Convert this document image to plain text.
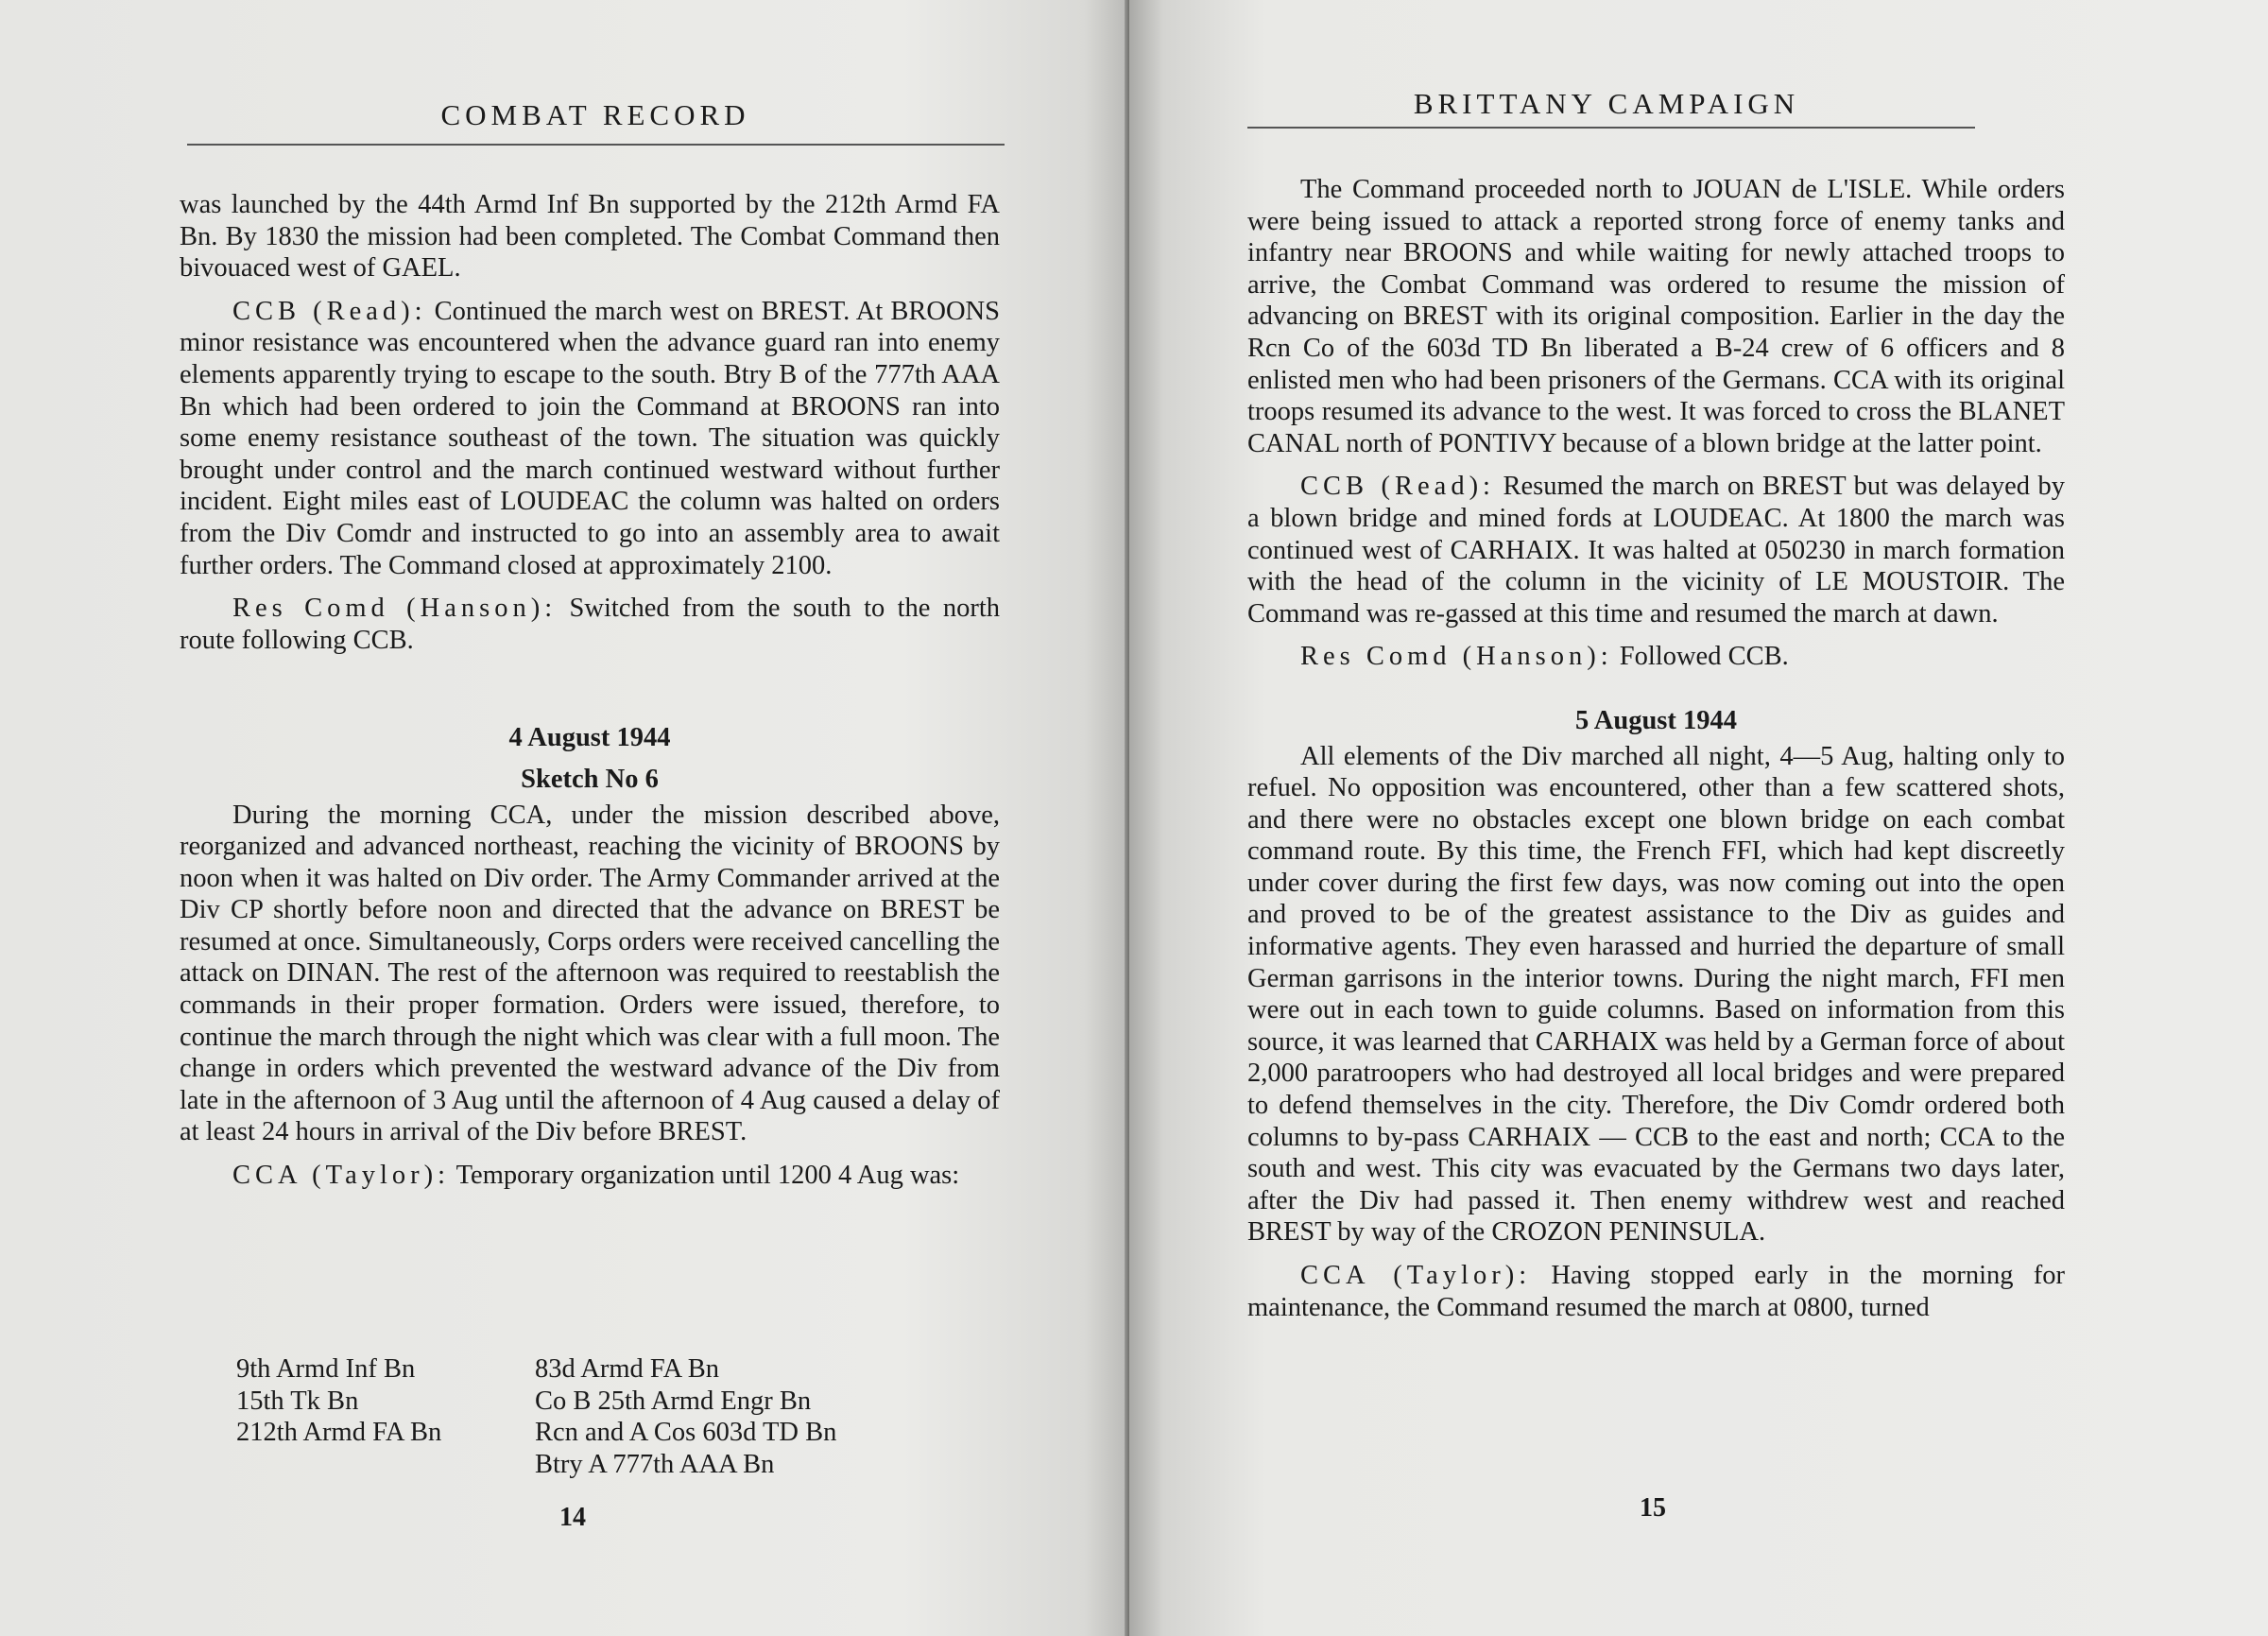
COMBAT RECORD

was launched by the 44th Armd Inf Bn supported by the 212th Armd FA Bn. By 1830 the mission had been completed. The Combat Command then bivouaced west of GAEL.

CCB (Read): Continued the march west on BREST. At BROONS minor resistance was encountered when the advance guard ran into enemy elements apparently trying to escape to the south. Btry B of the 777th AAA Bn which had been ordered to join the Command at BROONS ran into some enemy resistance southeast of the town. The situation was quickly brought under control and the march continued westward without further incident. Eight miles east of LOUDEAC the column was halted on orders from the Div Comdr and instructed to go into an assembly area to await further orders. The Command closed at approximately 2100.

Res Comd (Hanson): Switched from the south to the north route following CCB.

4 August 1944

Sketch No 6

During the morning CCA, under the mission described above, reorganized and advanced northeast, reaching the vicinity of BROONS by noon when it was halted on Div order. The Army Commander arrived at the Div CP shortly before noon and directed that the advance on BREST be resumed at once. Simultaneously, Corps orders were received cancelling the attack on DINAN. The rest of the afternoon was required to reestablish the commands in their proper formation. Orders were issued, therefore, to continue the march through the night which was clear with a full moon. The change in orders which prevented the westward advance of the Div from late in the afternoon of 3 Aug until the afternoon of 4 Aug caused a delay of at least 24 hours in arrival of the Div before BREST.

CCA (Taylor): Temporary organization until 1200 4 Aug was:

9th Armd Inf Bn
15th Tk Bn
212th Armd FA Bn
83d Armd FA Bn
Co B 25th Armd Engr Bn
Rcn and A Cos 603d TD Bn
Btry A 777th AAA Bn
14
BRITTANY CAMPAIGN

The Command proceeded north to JOUAN de L'ISLE. While orders were being issued to attack a reported strong force of enemy tanks and infantry near BROONS and while waiting for newly attached troops to arrive, the Combat Command was ordered to resume the mission of advancing on BREST with its original composition. Earlier in the day the Rcn Co of the 603d TD Bn liberated a B-24 crew of 6 officers and 8 enlisted men who had been prisoners of the Germans. CCA with its original troops resumed its advance to the west. It was forced to cross the BLANET CANAL north of PONTIVY because of a blown bridge at the latter point.

CCB (Read): Resumed the march on BREST but was delayed by a blown bridge and mined fords at LOUDEAC. At 1800 the march was continued west of CARHAIX. It was halted at 050230 in march formation with the head of the column in the vicinity of LE MOUSTOIR. The Command was re-gassed at this time and resumed the march at dawn.

Res Comd (Hanson): Followed CCB.

5 August 1944

All elements of the Div marched all night, 4—5 Aug, halting only to refuel. No opposition was encountered, other than a few scattered shots, and there were no obstacles except one blown bridge on each combat command route. By this time, the French FFI, which had kept discreetly under cover during the first few days, was now coming out into the open and proved to be of the greatest assistance to the Div as guides and informative agents. They even harassed and hurried the departure of small German garrisons in the interior towns. During the night march, FFI men were out in each town to guide columns. Based on information from this source, it was learned that CARHAIX was held by a German force of about 2,000 paratroopers who had destroyed all local bridges and were prepared to defend themselves in the city. Therefore, the Div Comdr ordered both columns to by-pass CARHAIX — CCB to the east and north; CCA to the south and west. This city was evacuated by the Germans two days later, after the Div had passed it. Then enemy withdrew west and reached BREST by way of the CROZON PENINSULA.

CCA (Taylor): Having stopped early in the morning for maintenance, the Command resumed the march at 0800, turned

15
